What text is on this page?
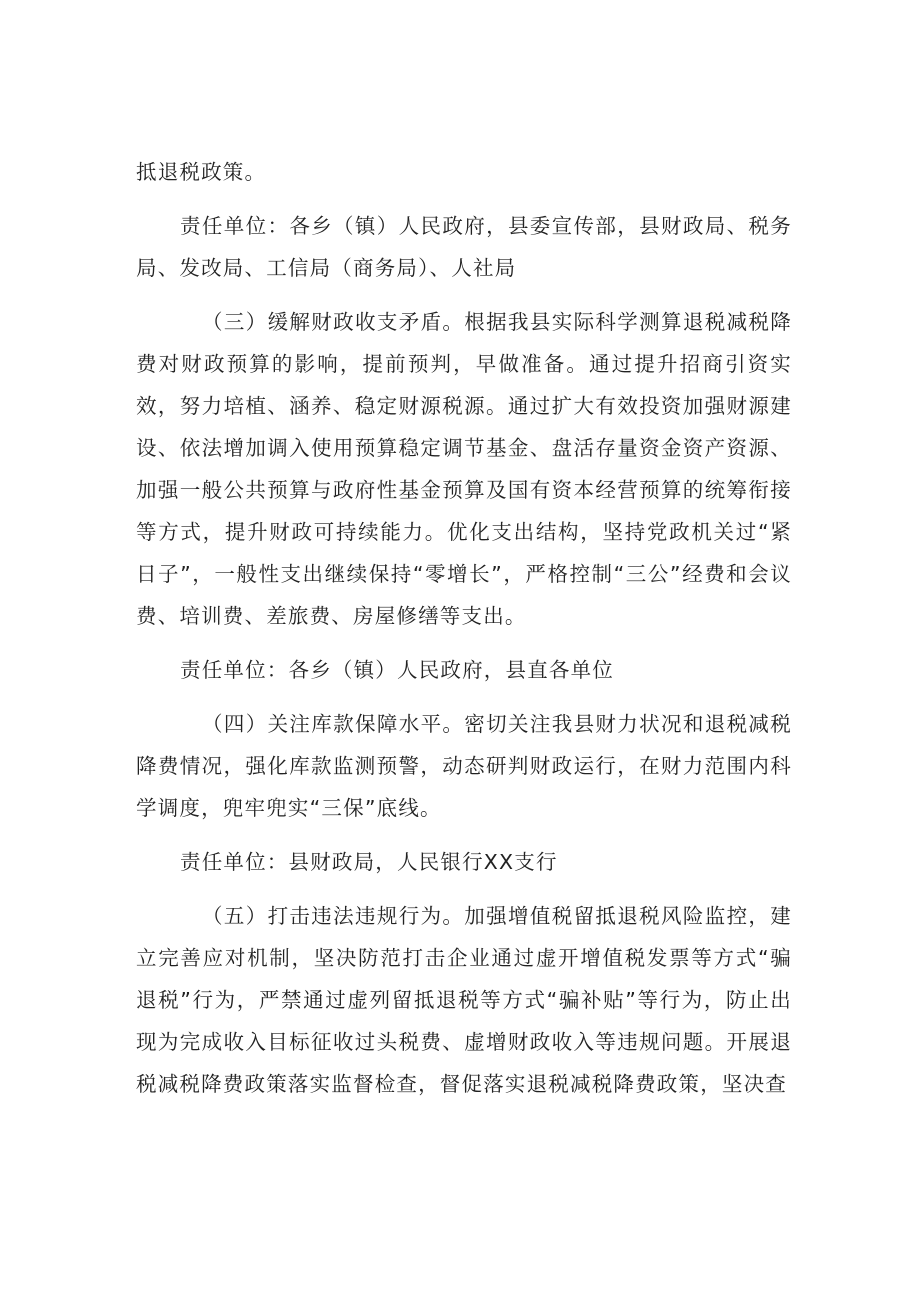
抵退税政策。

责任单位：各乡（镇）人民政府，县委宣传部，县财政局、税务局、发改局、工信局（商务局）、人社局

（三）缓解财政收支矛盾。根据我县实际科学测算退税减税降费对财政预算的影响，提前预判，早做准备。通过提升招商引资实效，努力培植、涵养、稳定财源税源。通过扩大有效投资加强财源建设、依法增加调入使用预算稳定调节基金、盘活存量资金资产资源、加强一般公共预算与政府性基金预算及国有资本经营预算的统筹衔接等方式，提升财政可持续能力。优化支出结构，坚持党政机关过“紧日子”，一般性支出继续保持“零增长”，严格控制“三公”经费和会议费、培训费、差旅费、房屋修缮等支出。

责任单位：各乡（镇）人民政府，县直各单位

（四）关注库款保障水平。密切关注我县财力状况和退税减税降费情况，强化库款监测预警，动态研判财政运行，在财力范围内科学调度，兜牢兜实“三保”底线。

责任单位：县财政局，人民银行XX支行

（五）打击违法违规行为。加强增值税留抵退税风险监控，建立完善应对机制，坚决防范打击企业通过虚开增值税发票等方式“骗退税”行为，严禁通过虚列留抵退税等方式“骗补贴”等行为，防止出现为完成收入目标征收过头税费、虚增财政收入等违规问题。开展退税减税降费政策落实监督检查，督促落实退税减税降费政策，坚决查
